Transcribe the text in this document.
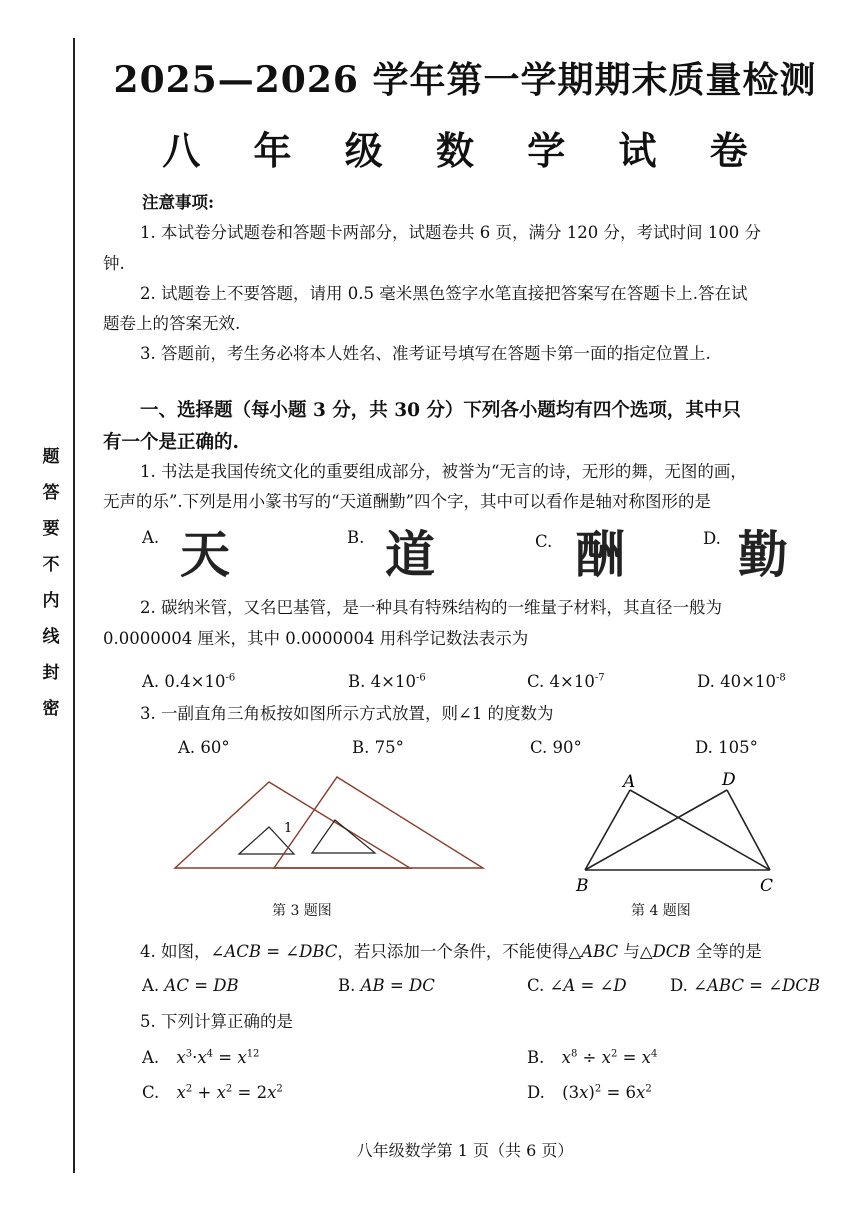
密
封
线
内
不
要
答
题
2025—2026 学年第一学期期末质量检测
八 年 级 数 学 试 卷
注意事项:
1. 本试卷分试题卷和答题卡两部分，试题卷共 6 页，满分 120 分，考试时间 100 分
钟.
2. 试题卷上不要答题，请用 0.5 毫米黑色签字水笔直接把答案写在答题卡上.答在试
题卷上的答案无效.
3. 答题前，考生务必将本人姓名、准考证号填写在答题卡第一面的指定位置上.
一、选择题（每小题 3 分，共 30 分）下列各小题均有四个选项，其中只
有一个是正确的.
1. 书法是我国传统文化的重要组成部分，被誉为“无言的诗，无形的舞，无图的画，
无声的乐”.下列是用小篆书写的“天道酬勤”四个字，其中可以看作是轴对称图形的是
A. 天	B. 道	C. 酬	D. 勤
2. 碳纳米管，又名巴基管，是一种具有特殊结构的一维量子材料，其直径一般为
0.0000004 厘米，其中 0.0000004 用科学记数法表示为
A. $0.4\times 10^{-6}$	B. $4\times 10^{-6}$	C. $4\times 10^{-7}$	D. $40\times 10^{-8}$
3. 一副直角三角板按如图所示方式放置，则∠1 的度数为
A. 60°	B. 75°	C. 90°	D. 105°
1
第 3 题图
A	D
B	C
第 4 题图
4. 如图，∠ACB = ∠DBC，若只添加一个条件，不能使得△ABC 与△DCB 全等的是
A. AC = DB	B. AB = DC	C. ∠A = ∠D	D. ∠ABC = ∠DCB
5. 下列计算正确的是
A. $x^3\cdot x^4 = x^{12}$	B. $x^8 \div x^2 = x^4$
C. $x^2 + x^2 = 2x^2$	D. $(3x)^2 = 6x^2$
八年级数学第 1 页（共 6 页）
